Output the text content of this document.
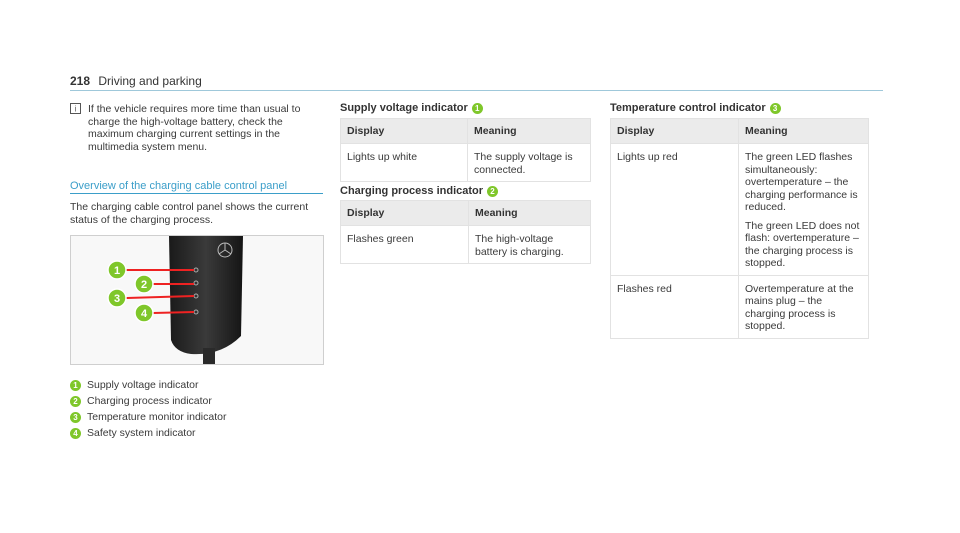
218 Driving and parking
i If the vehicle requires more time than usual to charge the high-voltage battery, check the maximum charging current settings in the multimedia system menu.
Overview of the charging cable control panel
The charging cable control panel shows the current status of the charging process.
1
2
3
4
1 Supply voltage indicator
2 Charging process indicator
3 Temperature monitor indicator
4 Safety system indicator
Supply voltage indicator 1
Display	Meaning
Lights up white	The supply voltage is connected.
Charging process indicator 2
Display	Meaning
Flashes green	The high-voltage battery is charging.
Temperature control indicator 3
Display	Meaning
Lights up red	The green LED flashes simultaneously: overtemperature – the charging performance is reduced.

The green LED does not flash: overtemperature – the charging process is stopped.

Flashes red	Overtemperature at the mains plug – the charging process is stopped.
